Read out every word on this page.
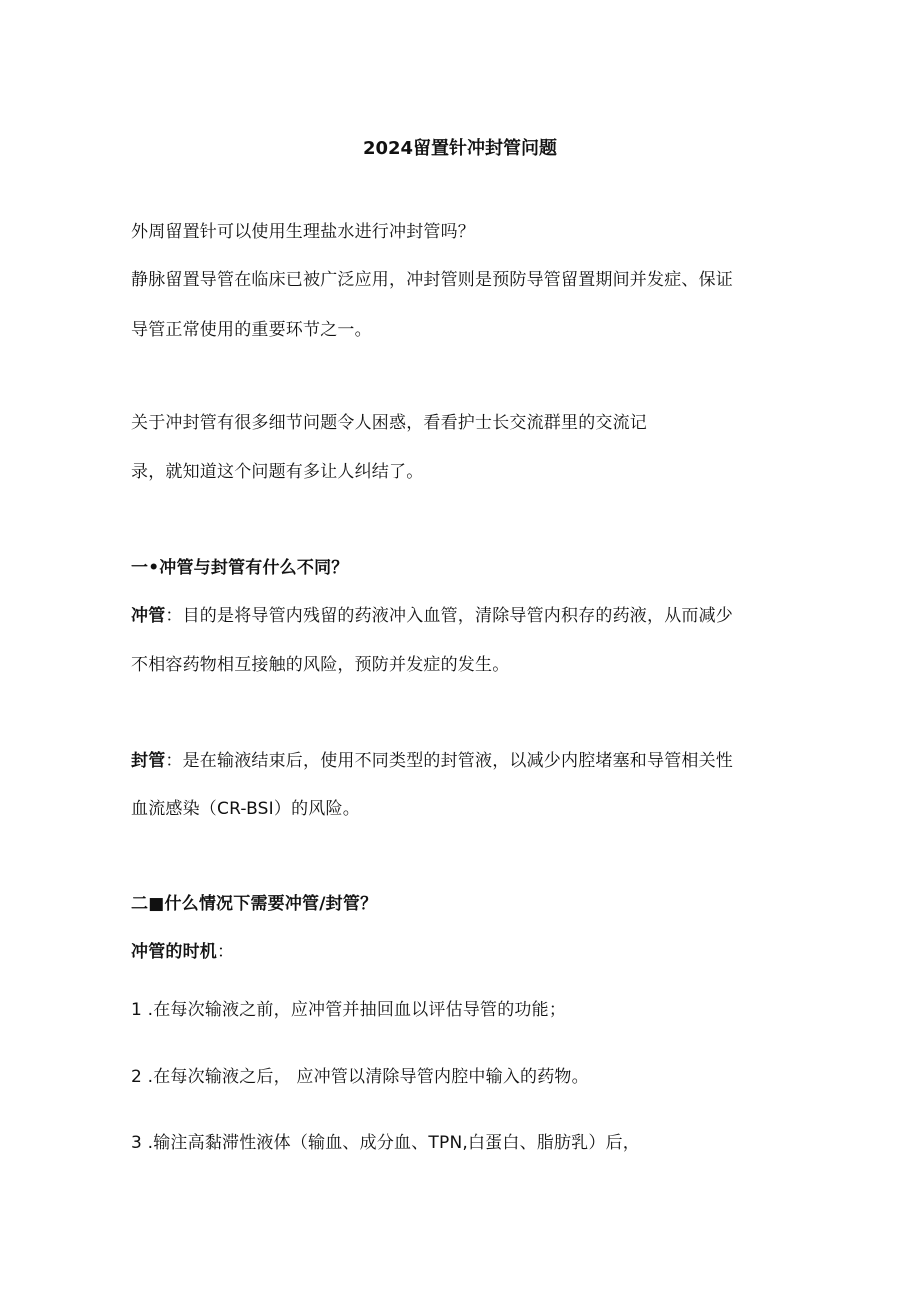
2024留置针冲封管问题
外周留置针可以使用生理盐水进行冲封管吗？
静脉留置导管在临床已被广泛应用，冲封管则是预防导管留置期间并发症、保证
导管正常使用的重要环节之一。
关于冲封管有很多细节问题令人困惑，看看护士长交流群里的交流记
录，就知道这个问题有多让人纠结了。
一•冲管与封管有什么不同？
冲管：目的是将导管内残留的药液冲入血管，清除导管内积存的药液，从而减少
不相容药物相互接触的风险，预防并发症的发生。
封管：是在输液结束后，使用不同类型的封管液，以减少内腔堵塞和导管相关性
血流感染（CR-BSI）的风险。
二■什么情况下需要冲管/封管？
冲管的时机：
1 .在每次输液之前，应冲管并抽回血以评估导管的功能；
2 .在每次输液之后， 应冲管以清除导管内腔中输入的药物。
3 .输注高黏滞性液体（输血、成分血、TPN,白蛋白、脂肪乳）后，
